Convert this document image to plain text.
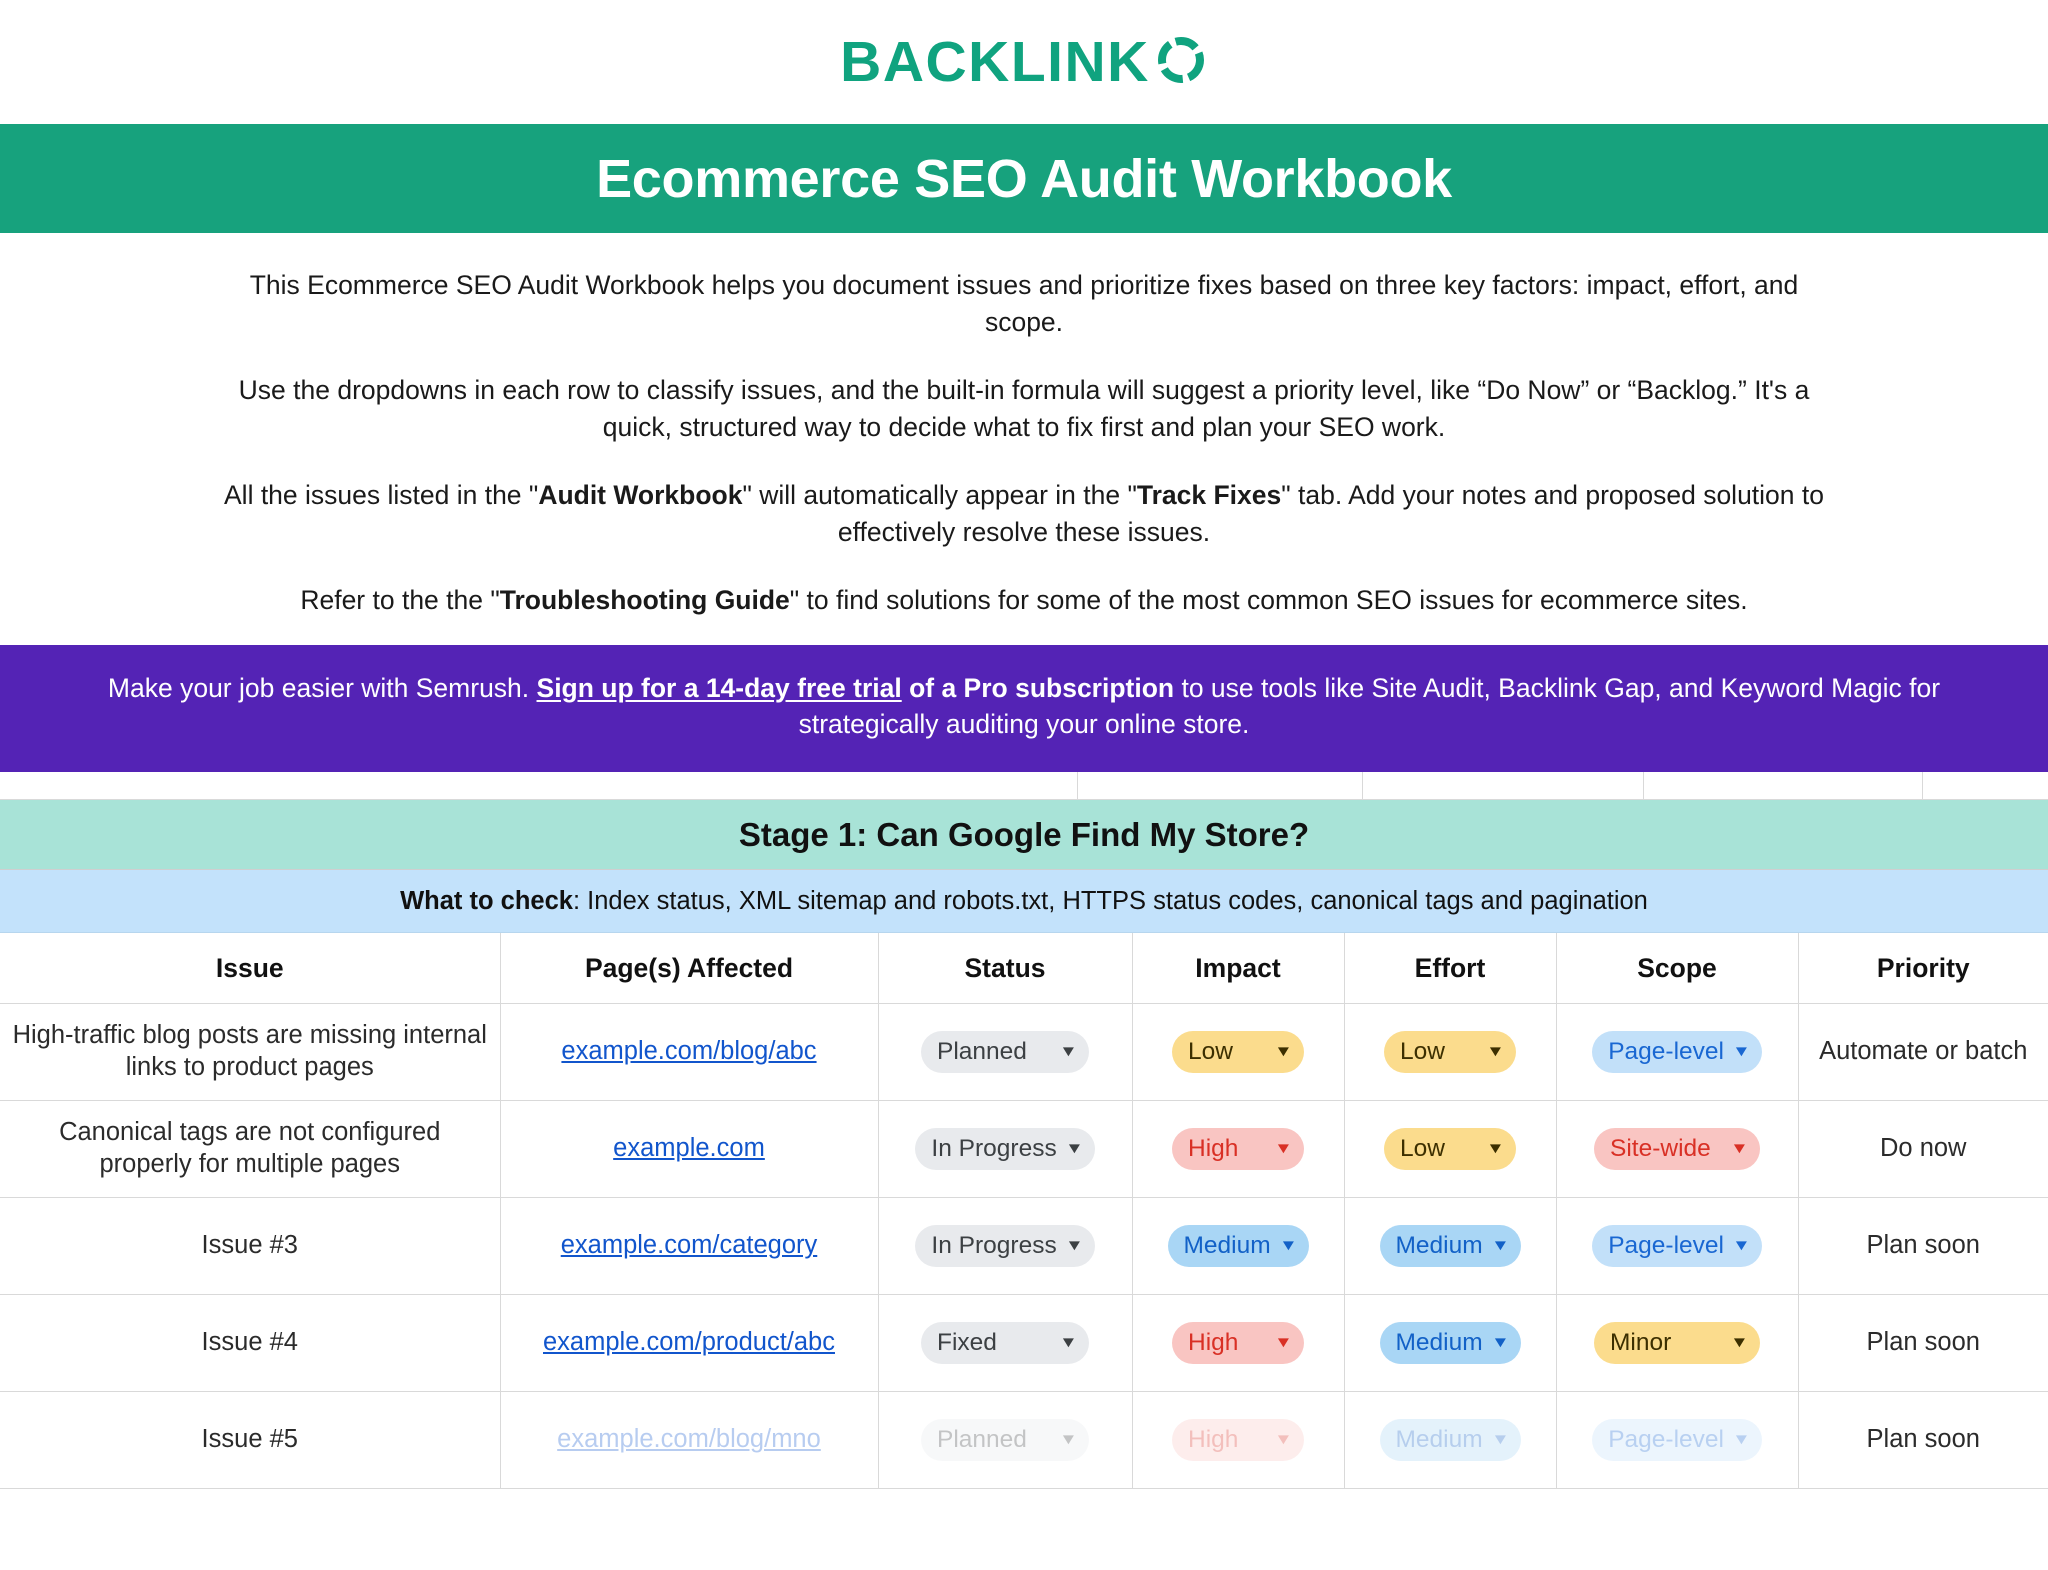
BACKLINK
Ecommerce SEO Audit Workbook

This Ecommerce SEO Audit Workbook helps you document issues and prioritize fixes based on three key factors: impact, effort, and scope.

Use the dropdowns in each row to classify issues, and the built-in formula will suggest a priority level, like “Do Now” or “Backlog.” It's a quick, structured way to decide what to fix first and plan your SEO work.

All the issues listed in the "Audit Workbook" will automatically appear in the "Track Fixes" tab. Add your notes and proposed solution to effectively resolve these issues.

Refer to the the "Troubleshooting Guide" to find solutions for some of the most common SEO issues for ecommerce sites.

Make your job easier with Semrush. Sign up for a 14-day free trial of a Pro subscription to use tools like Site Audit, Backlink Gap, and Keyword Magic for strategically auditing your online store.

Stage 1: Can Google Find My Store?
What to check: Index status, XML sitemap and robots.txt, HTTPS status codes, canonical tags and pagination
Issue	Page(s) Affected	Status	Impact	Effort	Scope	Priority
High-traffic blog posts are missing internal links to product pages	example.com/blog/abc	Planned ▼	Low ▼	Low ▼	Page-level ▼	Automate or batch
Canonical tags are not configured properly for multiple pages	example.com	In Progress ▼	High ▼	Low ▼	Site-wide ▼	Do now
Issue #3	example.com/category	In Progress ▼	Medium ▼	Medium ▼	Page-level ▼	Plan soon
Issue #4	example.com/product/abc	Fixed ▼	High ▼	Medium ▼	Minor ▼	Plan soon
Issue #5	example.com/blog/mno	Planned ▼	High ▼	Medium ▼	Page-level ▼	Plan soon
